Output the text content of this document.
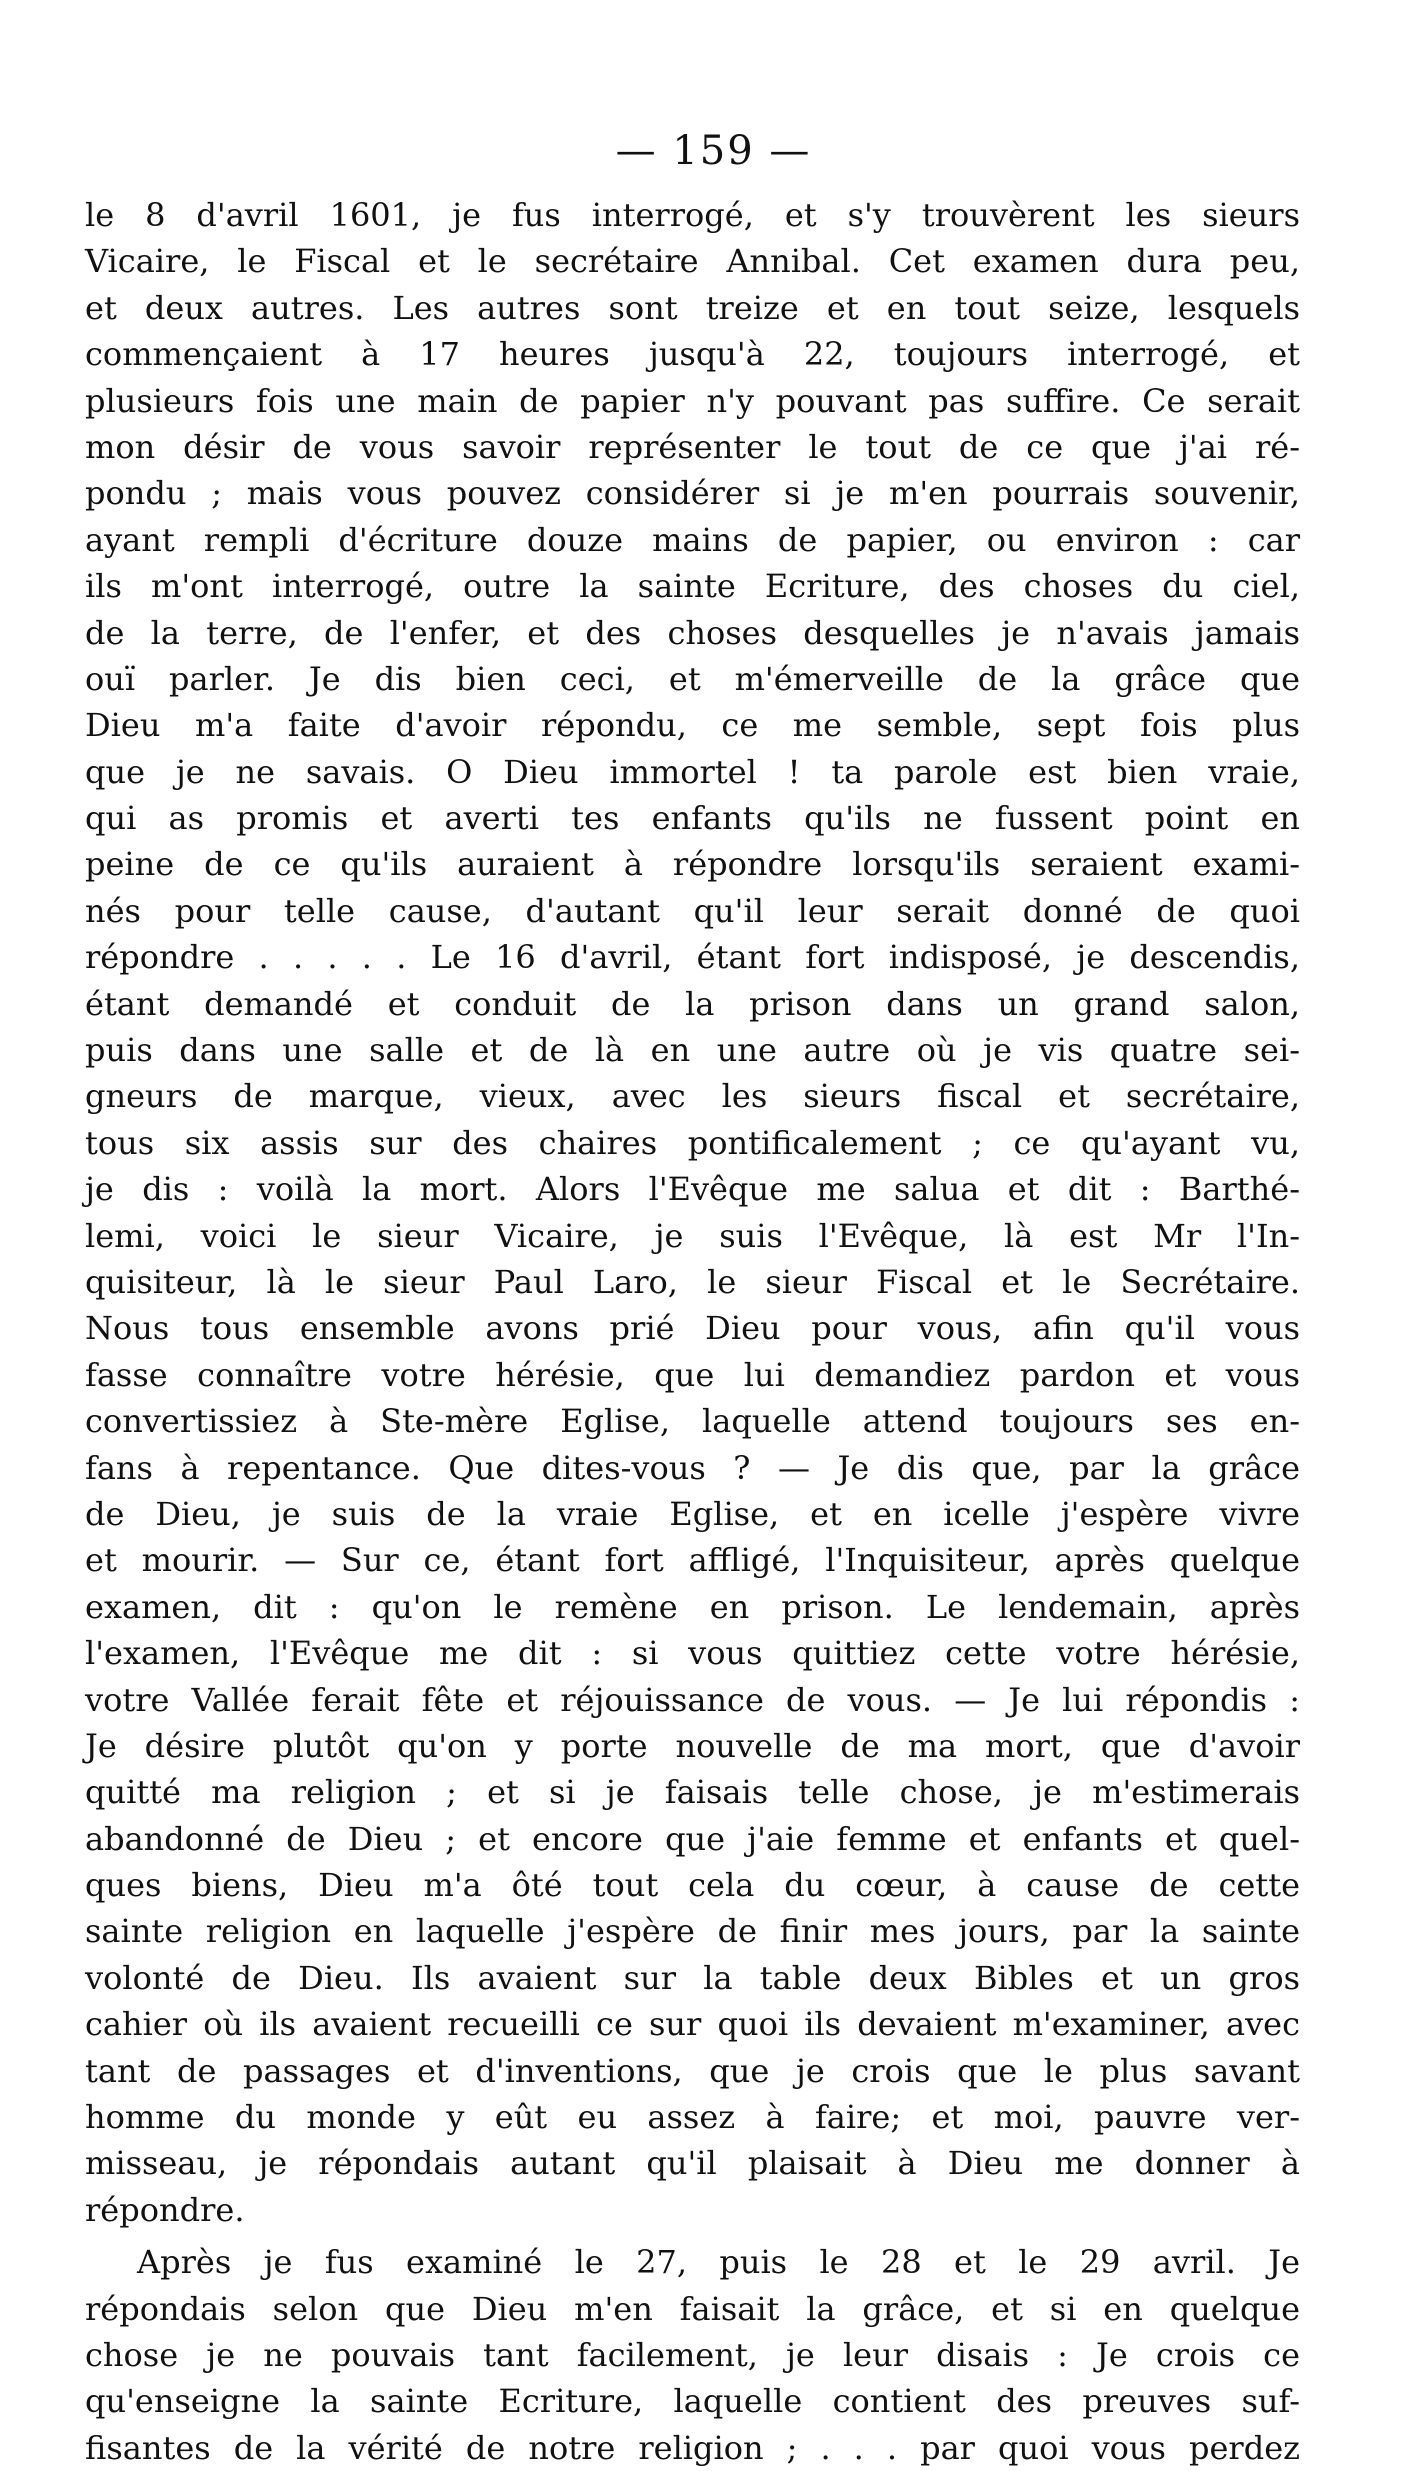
— 159 —
le 8 d'avril 1601, je fus interrogé, et s'y trouvèrent les sieurs
Vicaire, le Fiscal et le secrétaire Annibal. Cet examen dura peu,
et deux autres. Les autres sont treize et en tout seize, lesquels
commençaient à 17 heures jusqu'à 22, toujours interrogé, et
plusieurs fois une main de papier n'y pouvant pas suffire. Ce serait
mon désir de vous savoir représenter le tout de ce que j'ai ré-
pondu ; mais vous pouvez considérer si je m'en pourrais souvenir,
ayant rempli d'écriture douze mains de papier, ou environ : car
ils m'ont interrogé, outre la sainte Ecriture, des choses du ciel,
de la terre, de l'enfer, et des choses desquelles je n'avais jamais
ouï parler. Je dis bien ceci, et m'émerveille de la grâce que
Dieu m'a faite d'avoir répondu, ce me semble, sept fois plus
que je ne savais. O Dieu immortel ! ta parole est bien vraie,
qui as promis et averti tes enfants qu'ils ne fussent point en
peine de ce qu'ils auraient à répondre lorsqu'ils seraient exami-
nés pour telle cause, d'autant qu'il leur serait donné de quoi
répondre . . . . . Le 16 d'avril, étant fort indisposé, je descendis,
étant demandé et conduit de la prison dans un grand salon,
puis dans une salle et de là en une autre où je vis quatre sei-
gneurs de marque, vieux, avec les sieurs fiscal et secrétaire,
tous six assis sur des chaires pontificalement ; ce qu'ayant vu,
je dis : voilà la mort. Alors l'Evêque me salua et dit : Barthé-
lemi, voici le sieur Vicaire, je suis l'Evêque, là est Mr l'In-
quisiteur, là le sieur Paul Laro, le sieur Fiscal et le Secrétaire.
Nous tous ensemble avons prié Dieu pour vous, afin qu'il vous
fasse connaître votre hérésie, que lui demandiez pardon et vous
convertissiez à Ste-mère Eglise, laquelle attend toujours ses en-
fans à repentance. Que dites-vous ? — Je dis que, par la grâce
de Dieu, je suis de la vraie Eglise, et en icelle j'espère vivre
et mourir. — Sur ce, étant fort affligé, l'Inquisiteur, après quelque
examen, dit : qu'on le remène en prison. Le lendemain, après
l'examen, l'Evêque me dit : si vous quittiez cette votre hérésie,
votre Vallée ferait fête et réjouissance de vous. — Je lui répondis :
Je désire plutôt qu'on y porte nouvelle de ma mort, que d'avoir
quitté ma religion ; et si je faisais telle chose, je m'estimerais
abandonné de Dieu ; et encore que j'aie femme et enfants et quel-
ques biens, Dieu m'a ôté tout cela du cœur, à cause de cette
sainte religion en laquelle j'espère de finir mes jours, par la sainte
volonté de Dieu. Ils avaient sur la table deux Bibles et un gros
cahier où ils avaient recueilli ce sur quoi ils devaient m'examiner, avec
tant de passages et d'inventions, que je crois que le plus savant
homme du monde y eût eu assez à faire; et moi, pauvre ver-
misseau, je répondais autant qu'il plaisait à Dieu me donner à
répondre.
Après je fus examiné le 27, puis le 28 et le 29 avril. Je
répondais selon que Dieu m'en faisait la grâce, et si en quelque
chose je ne pouvais tant facilement, je leur disais : Je crois ce
qu'enseigne la sainte Ecriture, laquelle contient des preuves suf-
fisantes de la vérité de notre religion ; . . . par quoi vous perdez
